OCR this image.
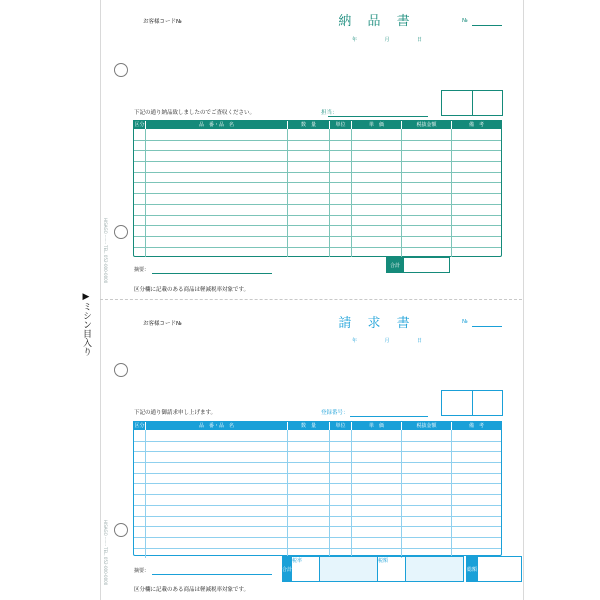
▶ミシン目入り
HISAGO ······· TEL. 052-000-0000
HISAGO ······· TEL. 052-000-0000
お客様コード№	納 品 書	№
年	月	日
下記の通り納品致しましたのでご査収ください。	担当：
区分	品　番・品　名	数　量	単位	単　価	税抜金額	備　考
合計
摘要：
区分欄に記載のある商品は軽減税率対象です。
お客様コード№	請 求 書	№
年	月	日
下記の通り御請求申し上げます。	登録番号：
区分	品　番・品　名	数　量	単位	単　価	税抜金額	備　考
合計
税率	税額
総額
摘要：
区分欄に記載のある商品は軽減税率対象です。
